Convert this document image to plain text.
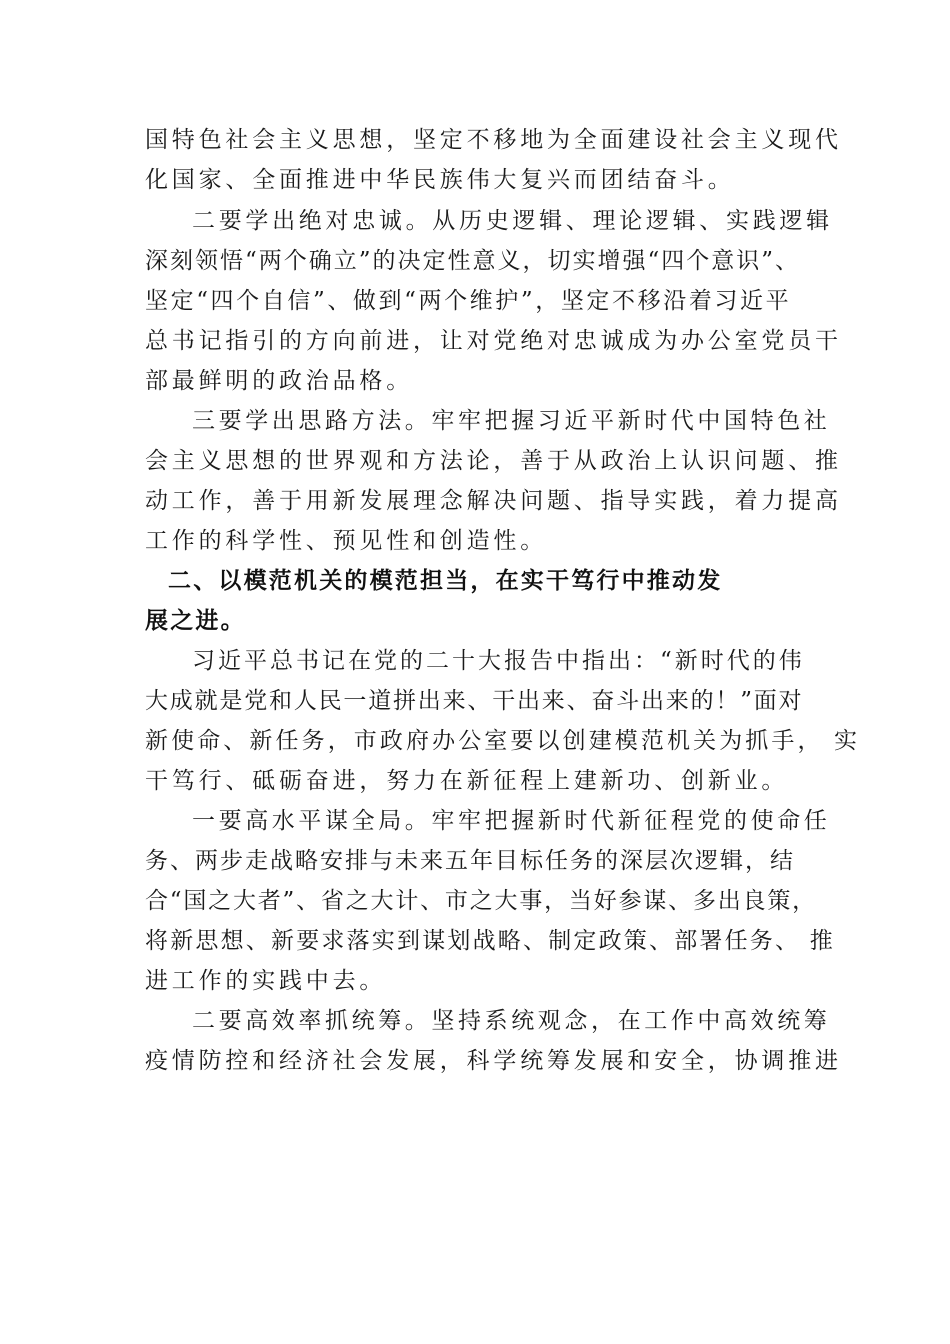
国特色社会主义思想，坚定不移地为全面建设社会主义现代
化国家、全面推进中华民族伟大复兴而团结奋斗。
二要学出绝对忠诚。从历史逻辑、理论逻辑、实践逻辑
深刻领悟“两个确立”的决定性意义，切实增强“四个意识”、
坚定“四个自信”、做到“两个维护”，坚定不移沿着习近平
总书记指引的方向前进，让对党绝对忠诚成为办公室党员干
部最鲜明的政治品格。
三要学出思路方法。牢牢把握习近平新时代中国特色社
会主义思想的世界观和方法论，善于从政治上认识问题、推
动工作，善于用新发展理念解决问题、指导实践，着力提高
工作的科学性、预见性和创造性。
二、以模范机关的模范担当，在实干笃行中推动发
展之进。
习近平总书记在党的二十大报告中指出：“新时代的伟
大成就是党和人民一道拼出来、干出来、奋斗出来的！”面对
新使命、新任务，市政府办公室要以创建模范机关为抓手， 实
干笃行、砥砺奋进，努力在新征程上建新功、创新业。
一要高水平谋全局。牢牢把握新时代新征程党的使命任
务、两步走战略安排与未来五年目标任务的深层次逻辑，结
合“国之大者”、省之大计、市之大事，当好参谋、多出良策，
将新思想、新要求落实到谋划战略、制定政策、部署任务、 推
进工作的实践中去。
二要高效率抓统筹。坚持系统观念，在工作中高效统筹
疫情防控和经济社会发展，科学统筹发展和安全，协调推进
